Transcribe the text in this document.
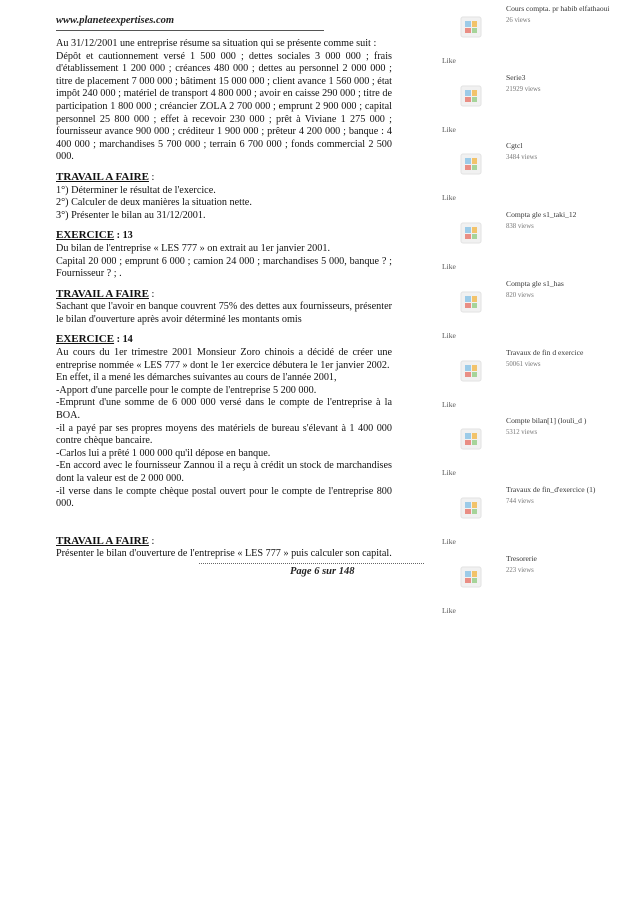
www.planeteexpertises.com

Au 31/12/2001 une entreprise résume sa situation qui se présente comme suit :

Dépôt et cautionnement versé 1 500 000 ; dettes sociales 3 000 000 ; frais d'établissement 1 200 000 ; créances 480 000 ; dettes au personnel 2 000 000 ; titre de placement 7 000 000 ; bâtiment 15 000 000 ; client avance 1 560 000 ; état impôt 240 000 ; matériel de transport 4 800 000 ; avoir en caisse 290 000 ; titre de participation 1 800 000 ; créancier ZOLA 2 700 000 ; emprunt 2 900 000 ; capital personnel 25 800 000 ; effet à recevoir 230 000 ; prêt à Viviane 1 275 000 ; fournisseur avance 900 000 ; créditeur 1 900 000 ; prêteur 4 200 000 ; banque : 4 400 000 ; marchandises 5 700 000 ; terrain 6 700 000 ; fonds commercial 2 500 000.

TRAVAIL A FAIRE :

1°) Déterminer le résultat de l'exercice.

2°) Calculer de deux manières la situation nette.

3°) Présenter le bilan au 31/12/2001.

EXERCICE : 13

Du bilan de l'entreprise « LES 777 » on extrait au 1er janvier 2001.

Capital 20 000 ; emprunt 6 000 ; camion 24 000 ; marchandises 5 000, banque ? ; Fournisseur ? ; .

TRAVAIL A FAIRE :

Sachant que l'avoir en banque couvrent 75% des dettes aux fournisseurs, présenter le bilan d'ouverture après avoir déterminé les montants omis

EXERCICE : 14

Au cours du 1er trimestre 2001 Monsieur Zoro chinois a décidé de créer une entreprise nommée « LES 777 » dont le 1er exercice débutera le 1er janvier 2002.

En effet, il a mené les démarches suivantes au cours de l'année 2001,

-Apport d'une parcelle pour le compte de l'entreprise 5 200 000.

-Emprunt d'une somme de 6 000 000 versé dans le compte de l'entreprise à la BOA.

-il a payé par ses propres moyens des matériels de bureau s'élevant à 1 400 000 contre chèque bancaire.

-Carlos lui a prêté 1 000 000 qu'il dépose en banque.

-En accord avec le fournisseur Zannou il a reçu à crédit un stock de marchandises dont la valeur est de 2 000 000.

-il verse dans le compte chèque postal ouvert pour le compte de l'entreprise 800 000.

TRAVAIL A FAIRE :

Présenter le bilan d'ouverture de l'entreprise « LES 777 » puis calculer son capital.

Page 6 sur 148
Cours compta. pr habib elfathaoui
26 views
Like
Serie3
21929 views
Like
Cgtcl
3484 views
Like
Compta gle s1_taki_12
838 views
Like
Compta gle s1_has
820 views
Like
Travaux de fin d exercice
50061 views
Like
Compte bilan[1] (louli_d )
5312 views
Like
Travaux de fin_d'exercice (1)
744 views
Like
Tresorerie
223 views
Like
